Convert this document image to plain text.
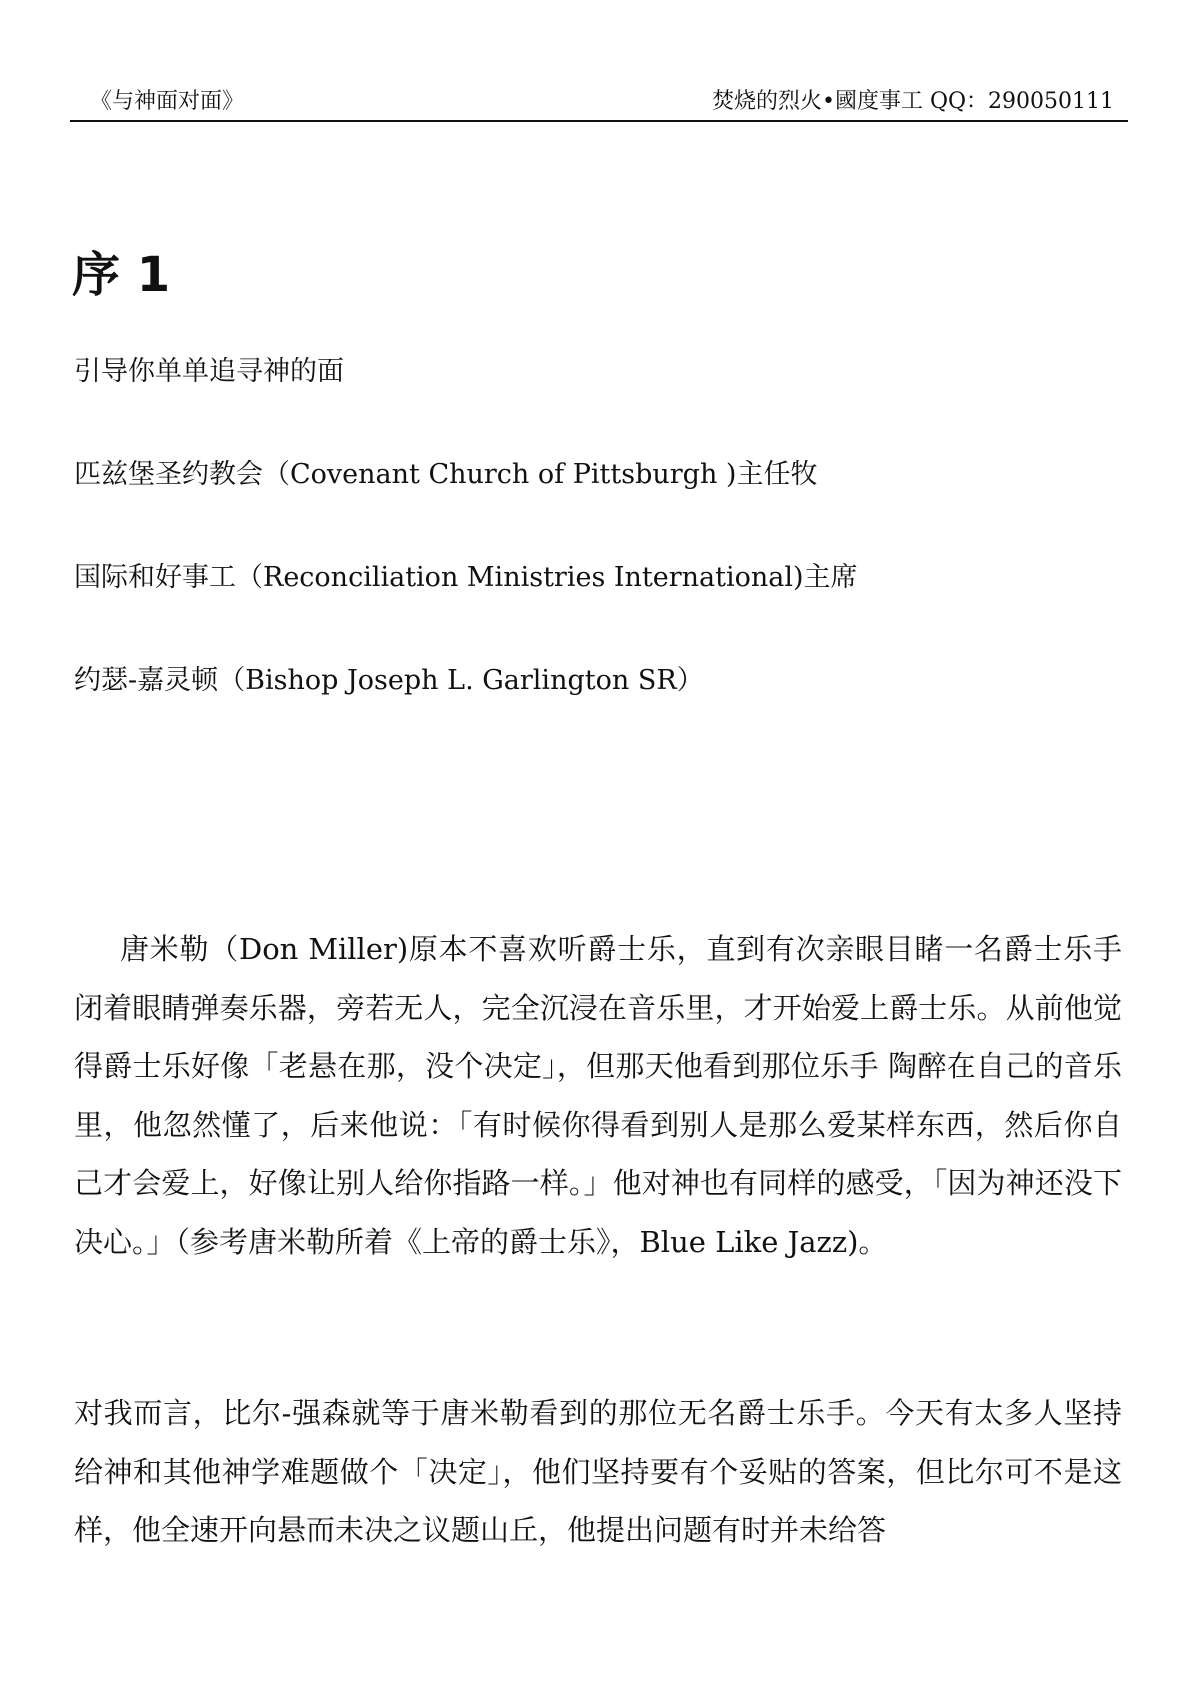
《与神面对面》	焚烧的烈火•國度事工 QQ：290050111
序 1
引导你单单追寻神的面
匹兹堡圣约教会（Covenant Church of Pittsburgh )主任牧
国际和好事工（Reconciliation Ministries International)主席
约瑟-嘉灵顿（Bishop Joseph L. Garlington SR）
唐米勒（Don Miller)原本不喜欢听爵士乐，直到有次亲眼目睹一名爵士乐手闭着眼睛弹奏乐器，旁若无人，完全沉浸在音乐里，才开始爱上爵士乐。从前他觉得爵士乐好像「老悬在那，没个决定」，但那天他看到那位乐手 陶醉在自己的音乐里，他忽然懂了，后来他说：「有时候你得看到别人是那么爱某样东西，然后你自己才会爱上，好像让别人给你指路一样。」他对神也有同样的感受，「因为神还没下决心。」（参考唐米勒所着《上帝的爵士乐》，Blue Like Jazz)。
对我而言，比尔-强森就等于唐米勒看到的那位无名爵士乐手。今天有太多人坚持给神和其他神学难题做个「决定」，他们坚持要有个妥贴的答案，但比尔可不是这样，他全速开向悬而未决之议题山丘，他提出问题有时并未给答
